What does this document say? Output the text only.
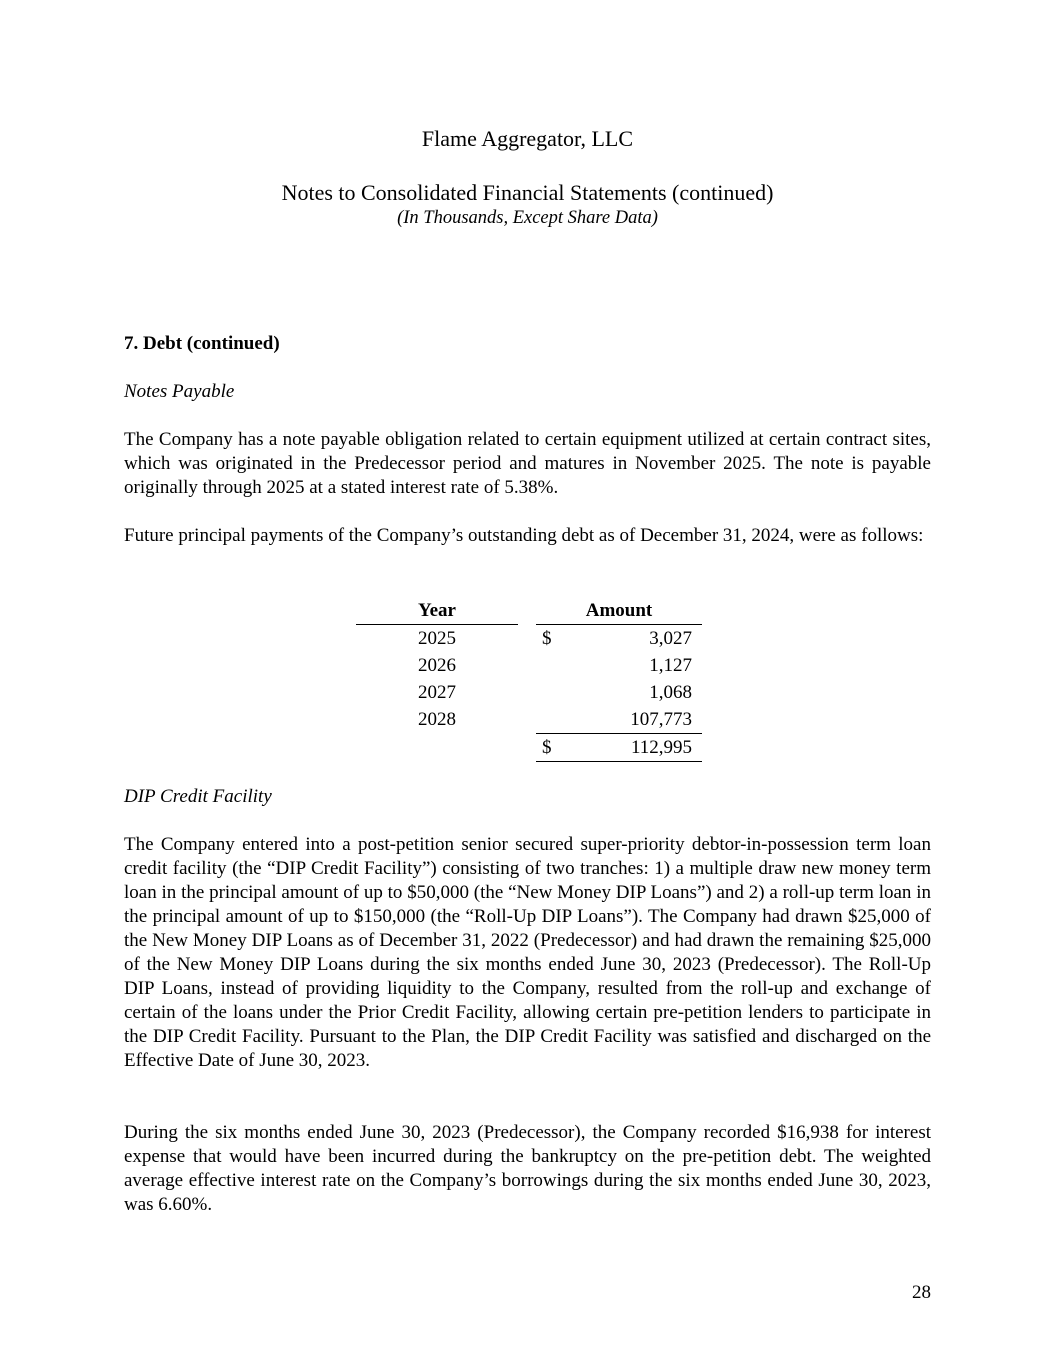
Flame Aggregator, LLC
Notes to Consolidated Financial Statements (continued)
(In Thousands, Except Share Data)
7. Debt (continued)
Notes Payable
The Company has a note payable obligation related to certain equipment utilized at certain contract sites, which was originated in the Predecessor period and matures in November 2025. The note is payable originally through 2025 at a stated interest rate of 5.38%.
Future principal payments of the Company’s outstanding debt as of December 31, 2024, were as follows:
Year		Amount	
2025		$	3,027
2026			1,127
2027			1,068
2028			107,773
		$	112,995
DIP Credit Facility
The Company entered into a post-petition senior secured super-priority debtor-in-possession term loan credit facility (the “DIP Credit Facility”) consisting of two tranches: 1) a multiple draw new money term loan in the principal amount of up to $50,000 (the “New Money DIP Loans”) and 2) a roll-up term loan in the principal amount of up to $150,000 (the “Roll-Up DIP Loans”). The Company had drawn $25,000 of the New Money DIP Loans as of December 31, 2022 (Predecessor) and had drawn the remaining $25,000 of the New Money DIP Loans during the six months ended June 30, 2023 (Predecessor). The Roll-Up DIP Loans, instead of providing liquidity to the Company, resulted from the roll-up and exchange of certain of the loans under the Prior Credit Facility, allowing certain pre-petition lenders to participate in the DIP Credit Facility. Pursuant to the Plan, the DIP Credit Facility was satisfied and discharged on the Effective Date of June 30, 2023.
During the six months ended June 30, 2023 (Predecessor), the Company recorded $16,938 for interest expense that would have been incurred during the bankruptcy on the pre-petition debt. The weighted average effective interest rate on the Company’s borrowings during the six months ended June 30, 2023, was 6.60%.
28
